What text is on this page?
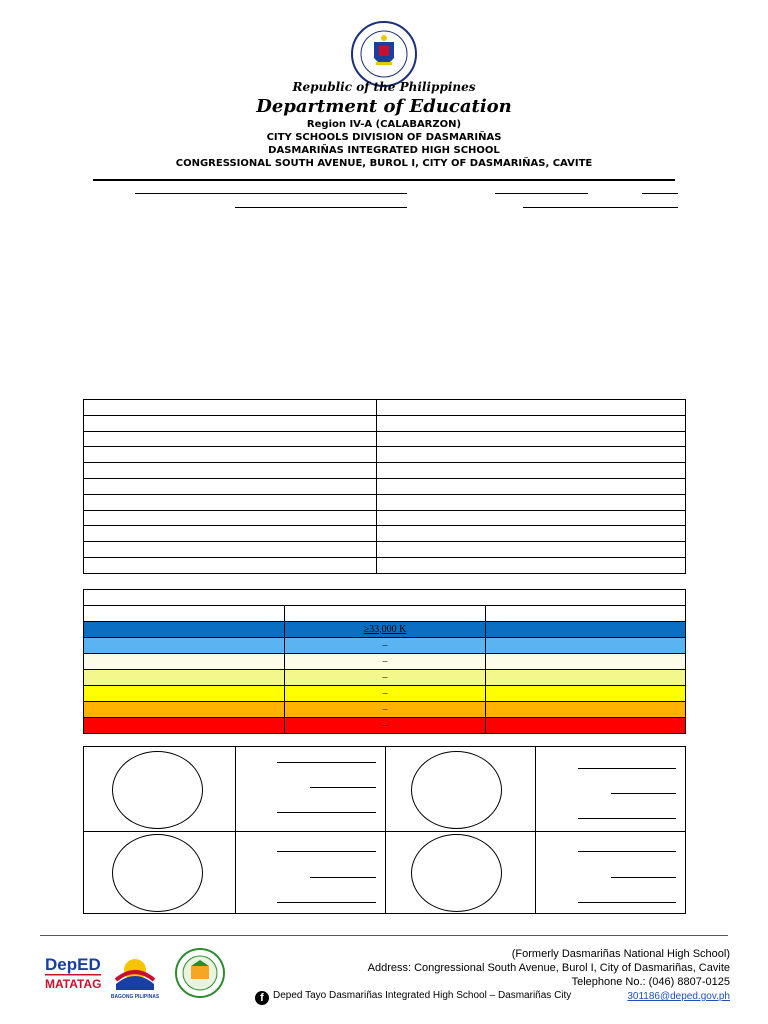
Republic of the Philippines
Department of Education
Region IV-A (CALABARZON)
CITY SCHOOLS DIVISION OF DASMARIÑAS
DASMARIÑAS INTEGRATED HIGH SCHOOL
CONGRESSIONAL SOUTH AVENUE, BUROL I, CITY OF DASMARIÑAS, CAVITE

	≥33,000 K	
	–	
	–	
	–	
	–	
	–	
	–	
DepED
MATATAG
BAGONG PILIPINAS
(Formerly Dasmariñas National High School)
Address: Congressional South Avenue, Burol I, City of Dasmariñas, Cavite
Telephone No.: (046) 8807-0125
f Deped Tayo Dasmariñas Integrated High School – Dasmariñas City	301186@deped.gov.ph
